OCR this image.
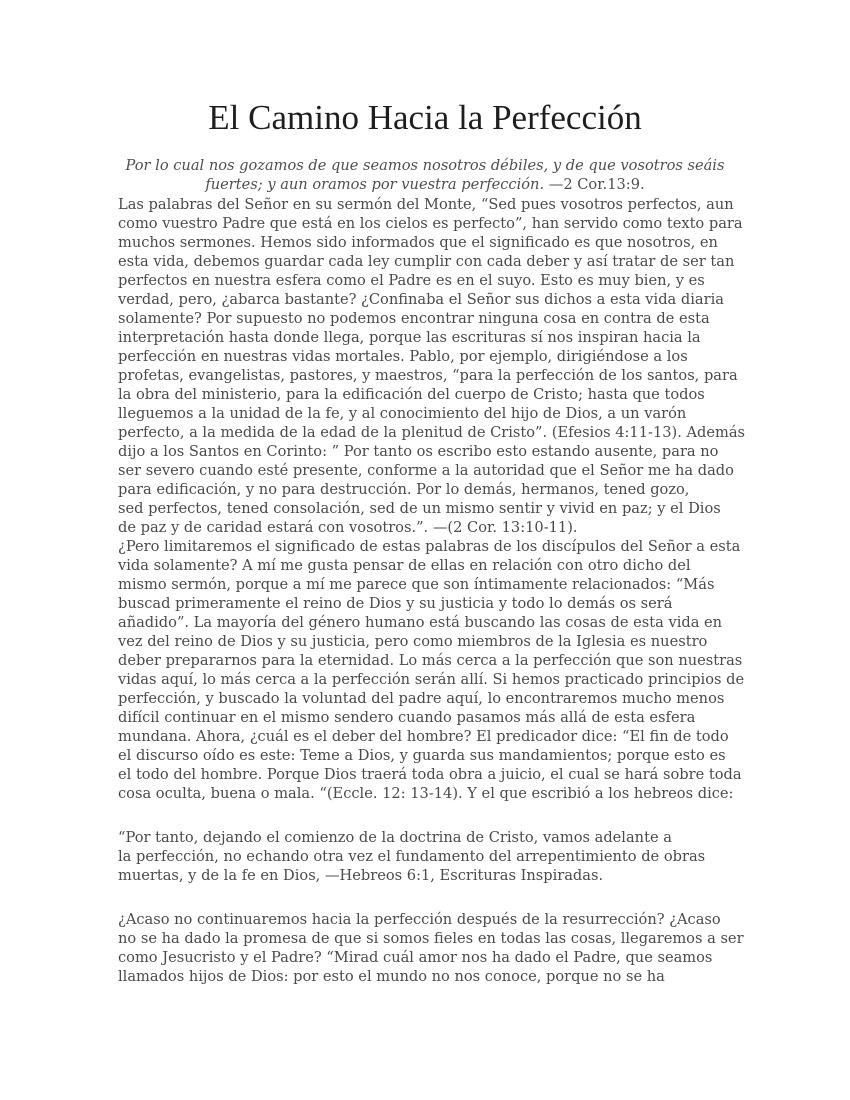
El Camino Hacia la Perfección
Por lo cual nos gozamos de que seamos nosotros débiles, y de que vosotros seáis
fuertes; y aun oramos por vuestra perfección. —2 Cor.13:9.

Las palabras del Señor en su sermón del Monte, “Sed pues vosotros perfectos, aun
como vuestro Padre que está en los cielos es perfecto”, han servido como texto para
muchos sermones. Hemos sido informados que el significado es que nosotros, en
esta vida, debemos guardar cada ley cumplir con cada deber y así tratar de ser tan
perfectos en nuestra esfera como el Padre es en el suyo. Esto es muy bien, y es
verdad, pero, ¿abarca bastante? ¿Confinaba el Señor sus dichos a esta vida diaria
solamente? Por supuesto no podemos encontrar ninguna cosa en contra de esta
interpretación hasta donde llega, porque las escrituras sí nos inspiran hacia la
perfección en nuestras vidas mortales. Pablo, por ejemplo, dirigiéndose a los
profetas, evangelistas, pastores, y maestros, “para la perfección de los santos, para
la obra del ministerio, para la edificación del cuerpo de Cristo; hasta que todos
lleguemos a la unidad de la fe, y al conocimiento del hijo de Dios, a un varón
perfecto, a la medida de la edad de la plenitud de Cristo”. (Efesios 4:11-13). Además
dijo a los Santos en Corinto: ” Por tanto os escribo esto estando ausente, para no
ser severo cuando esté presente, conforme a la autoridad que el Señor me ha dado
para edificación, y no para destrucción. Por lo demás, hermanos, tened gozo,
sed perfectos, tened consolación, sed de un mismo sentir y vivid en paz; y el Dios
de paz y de caridad estará con vosotros.”. —(2 Cor. 13:10-11).

¿Pero limitaremos el significado de estas palabras de los discípulos del Señor a esta
vida solamente? A mí me gusta pensar de ellas en relación con otro dicho del
mismo sermón, porque a mí me parece que son íntimamente relacionados: “Más
buscad primeramente el reino de Dios y su justicia y todo lo demás os será
añadido”. La mayoría del género humano está buscando las cosas de esta vida en
vez del reino de Dios y su justicia, pero como miembros de la Iglesia es nuestro
deber prepararnos para la eternidad. Lo más cerca a la perfección que son nuestras
vidas aquí, lo más cerca a la perfección serán allí. Si hemos practicado principios de
perfección, y buscado la voluntad del padre aquí, lo encontraremos mucho menos
difícil continuar en el mismo sendero cuando pasamos más allá de esta esfera
mundana. Ahora, ¿cuál es el deber del hombre? El predicador dice: “El fin de todo
el discurso oído es este: Teme a Dios, y guarda sus mandamientos; porque esto es
el todo del hombre. Porque Dios traerá toda obra a juicio, el cual se hará sobre toda
cosa oculta, buena o mala. “(Eccle. 12: 13-14). Y el que escribió a los hebreos dice:

“Por tanto, dejando el comienzo de la doctrina de Cristo, vamos adelante a
la perfección, no echando otra vez el fundamento del arrepentimiento de obras
muertas, y de la fe en Dios, —Hebreos 6:1, Escrituras Inspiradas.

¿Acaso no continuaremos hacia la perfección después de la resurrección? ¿Acaso
no se ha dado la promesa de que si somos fieles en todas las cosas, llegaremos a ser
como Jesucristo y el Padre? “Mirad cuál amor nos ha dado el Padre, que seamos
llamados hijos de Dios: por esto el mundo no nos conoce, porque no se ha
